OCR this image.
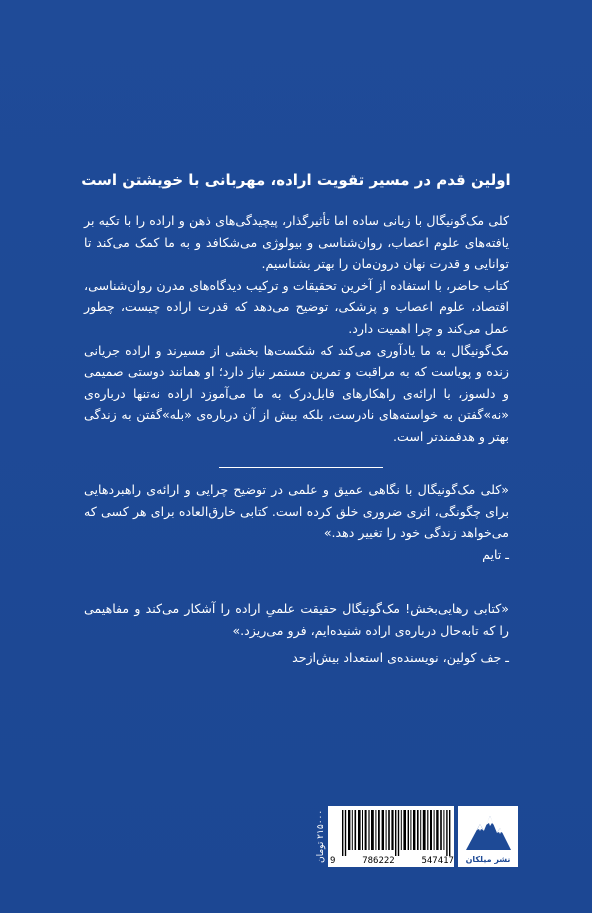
اولین قدم در مسیر تقویت اراده، مهربانی با خویشتن است

کلی مک‌گونیگال با زبانی ساده اما تأثیرگذار، پیچیدگی‌های ذهن و اراده را با تکیه بر یافته‌های علوم اعصاب، روان‌شناسی و بیولوژی می‌شکافد و به ما کمک می‌کند تا توانایی و قدرت نهان درون‌مان را بهتر بشناسیم.

کتاب حاضر، با استفاده از آخرین تحقیقات و ترکیب دیدگاه‌های مدرن روان‌شناسی، اقتصاد، علوم اعصاب و پزشکی، توضیح می‌دهد که قدرت اراده چیست، چطور عمل می‌کند و چرا اهمیت دارد.

مک‌گونیگال به ما یادآوری می‌کند که شکست‌ها بخشی از مسیرند و اراده جریانی زنده و پویاست که به مراقبت و تمرین مستمر نیاز دارد؛ او همانند دوستی صمیمی و دلسوز، با ارائه‌ی راهکارهای قابل‌درک به ما می‌آموزد اراده نه‌تنها درباره‌ی «نه»گفتن به خواسته‌های نادرست، بلکه بیش از آن درباره‌ی «بله»گفتن به زندگی بهتر و هدفمندتر است.

«کلی مک‌گونیگال با نگاهی عمیق و علمی در توضیح چرایی و ارائه‌ی راهبردهایی برای چگونگی، اثری ضروری خلق کرده است. کتابی خارق‌العاده برای هر کسی که می‌خواهد زندگی خود را تغییر دهد.»

ـ تایم

«کتابی رهایی‌بخش! مک‌گونیگال حقیقت علمیِ اراده را آشکار می‌کند و مفاهیمی را که تابه‌حال درباره‌ی اراده شنیده‌ایم، فرو می‌ریزد.»

ـ جف کولین، نویسنده‌ی استعداد بیش‌ازحد

۲۱۵۰۰۰ تومان
9	786222	547417	نشر میلکان
